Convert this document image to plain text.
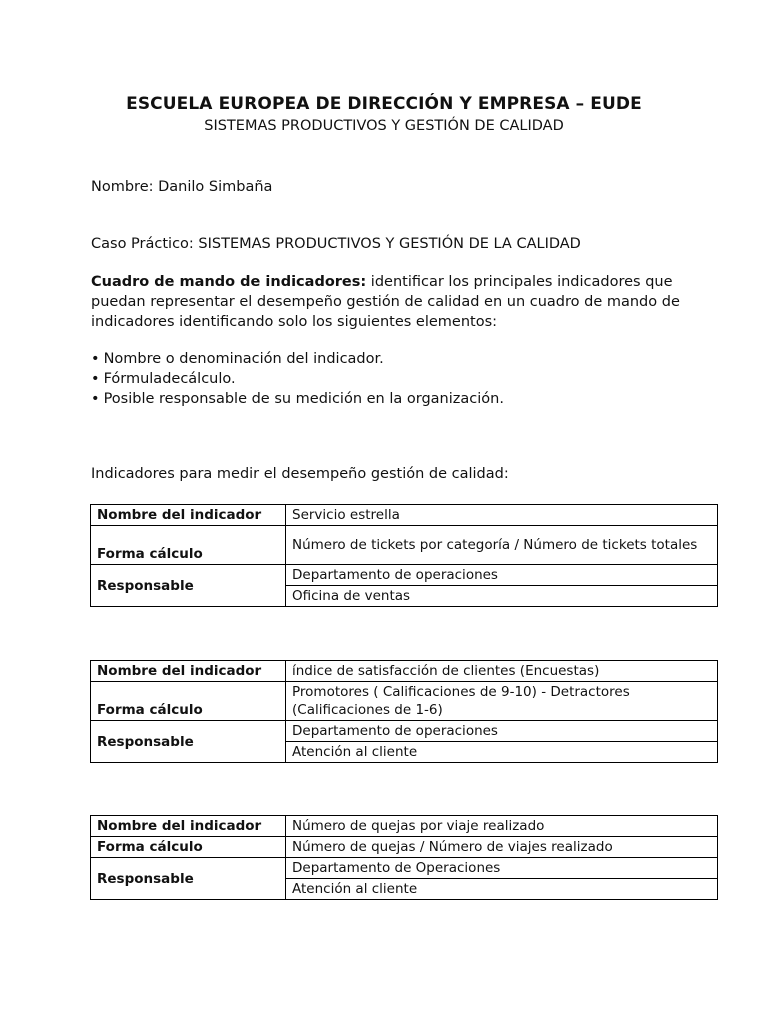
ESCUELA EUROPEA DE DIRECCIÓN Y EMPRESA – EUDE
SISTEMAS PRODUCTIVOS Y GESTIÓN DE CALIDAD

Nombre: Danilo Simbaña

Caso Práctico: SISTEMAS PRODUCTIVOS Y GESTIÓN DE LA CALIDAD

Cuadro de mando de indicadores: identificar los principales indicadores que puedan representar el desempeño gestión de calidad en un cuadro de mando de indicadores identificando solo los siguientes elementos:

• Nombre o denominación del indicador.
• Fórmuladecálculo.
• Posible responsable de su medición en la organización.

Indicadores para medir el desempeño gestión de calidad:

Nombre del indicador	Servicio estrella
Forma cálculo	Número de tickets por categoría / Número de tickets totales
Responsable	Departamento de operaciones
	Oficina de ventas
Nombre del indicador	índice de satisfacción de clientes (Encuestas)
Forma cálculo	Promotores ( Calificaciones de 9-10) - Detractores (Calificaciones de 1-6)
Responsable	Departamento de operaciones
	Atención al cliente
Nombre del indicador	Número de quejas por viaje realizado
Forma cálculo	Número de quejas / Número de viajes realizado
Responsable	Departamento de Operaciones
	Atención al cliente
